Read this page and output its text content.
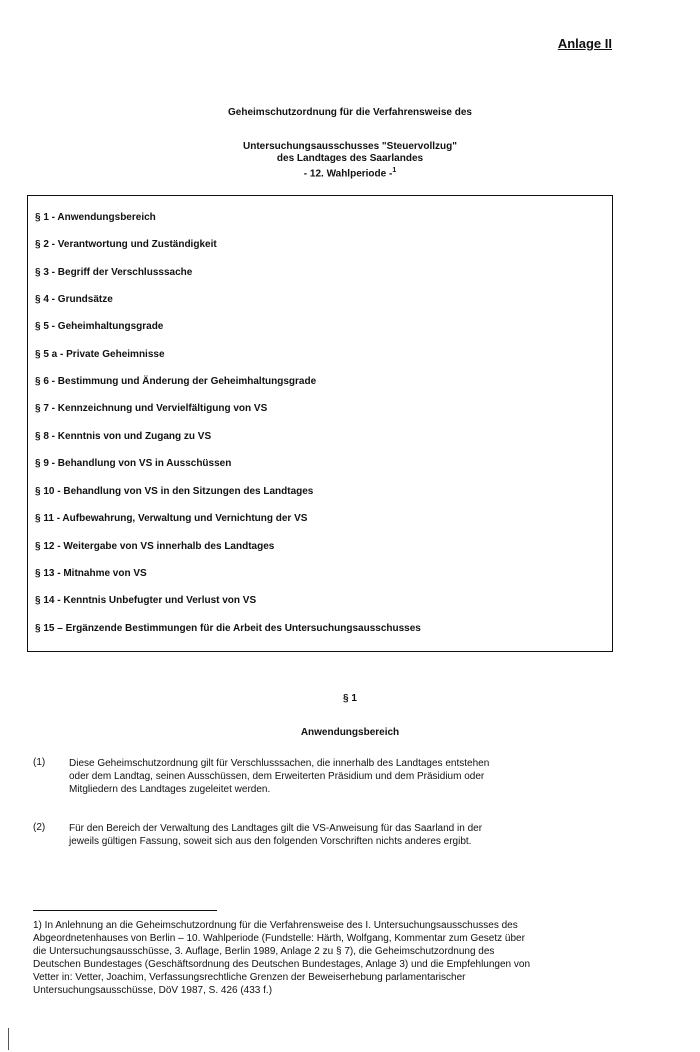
Anlage II
Geheimschutzordnung für die Verfahrensweise des
Untersuchungsausschusses "Steuervollzug"
des Landtages des Saarlandes
- 12. Wahlperiode -$^1$
§ 1 - Anwendungsbereich
§ 2 - Verantwortung und Zuständigkeit
§ 3 - Begriff der Verschlusssache
§ 4 - Grundsätze
§ 5 - Geheimhaltungsgrade
§ 5 a - Private Geheimnisse
§ 6 - Bestimmung und Änderung der Geheimhaltungsgrade
§ 7 - Kennzeichnung und Vervielfältigung von VS
§ 8 - Kenntnis von und Zugang zu VS
§ 9 - Behandlung von VS in Ausschüssen
§ 10 - Behandlung von VS in den Sitzungen des Landtages
§ 11 - Aufbewahrung, Verwaltung und Vernichtung der VS
§ 12 - Weitergabe von VS innerhalb des Landtages
§ 13 - Mitnahme von VS
§ 14 - Kenntnis Unbefugter und Verlust von VS
§ 15 – Ergänzende Bestimmungen für die Arbeit des Untersuchungsausschusses
§ 1
Anwendungsbereich
(1) Diese Geheimschutzordnung gilt für Verschlusssachen, die innerhalb des Landtages entstehen
oder dem Landtag, seinen Ausschüssen, dem Erweiterten Präsidium und dem Präsidium oder
Mitgliedern des Landtages zugeleitet werden.
(2) Für den Bereich der Verwaltung des Landtages gilt die VS-Anweisung für das Saarland in der
jeweils gültigen Fassung, soweit sich aus den folgenden Vorschriften nichts anderes ergibt.
1) In Anlehnung an die Geheimschutzordnung für die Verfahrensweise des I. Untersuchungsausschusses des
Abgeordnetenhauses von Berlin – 10. Wahlperiode (Fundstelle: Härth, Wolfgang, Kommentar zum Gesetz über
die Untersuchungsausschüsse, 3. Auflage, Berlin 1989, Anlage 2 zu § 7), die Geheimschutzordnung des
Deutschen Bundestages (Geschäftsordnung des Deutschen Bundestages, Anlage 3) und die Empfehlungen von
Vetter in: Vetter, Joachim, Verfassungsrechtliche Grenzen der Beweiserhebung parlamentarischer
Untersuchungsausschüsse, DöV 1987, S. 426 (433 f.)
